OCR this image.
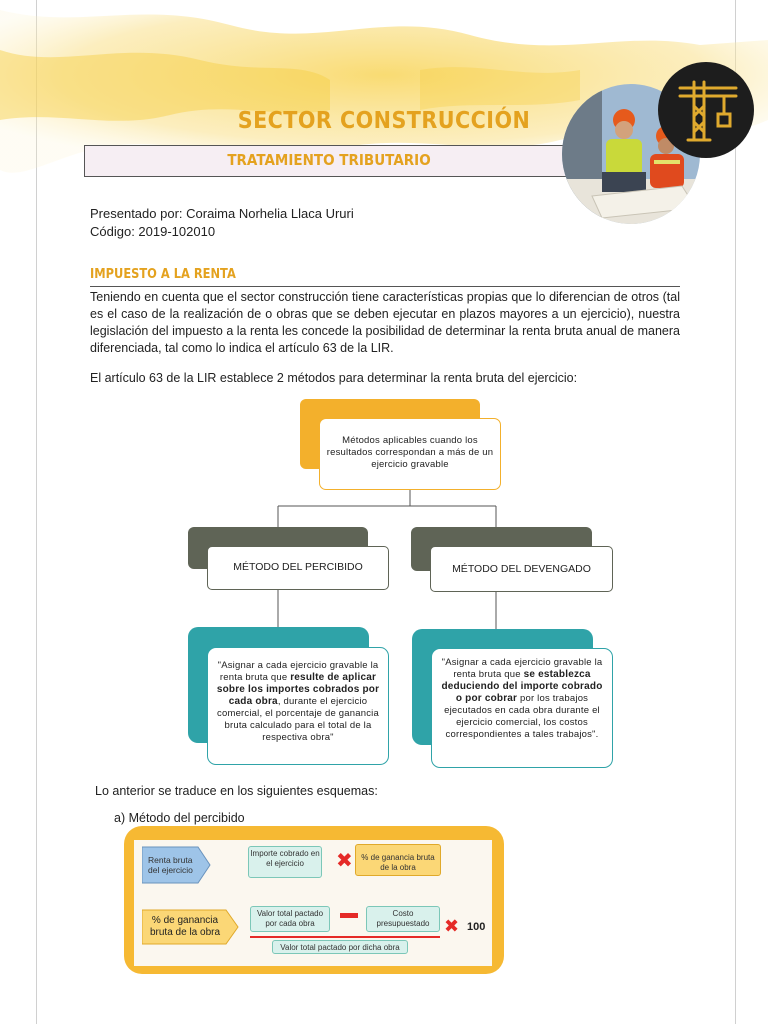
SECTOR CONSTRUCCIÓN
TRATAMIENTO TRIBUTARIO
Presentado por: Coraima Norhelia Llaca Ururi
Código: 2019-102010
IMPUESTO A LA RENTA
Teniendo en cuenta que el sector construcción tiene características propias que lo diferencian de otros (tal es el caso de la realización de o obras que se deben ejecutar en plazos mayores a un ejercicio), nuestra legislación del impuesto a la renta les concede la posibilidad de determinar la renta bruta anual de manera diferenciada, tal como lo indica el artículo 63 de la LIR.
El artículo 63 de la LIR establece 2 métodos para determinar la renta bruta del ejercicio:
Métodos aplicables cuando los resultados correspondan a más de un ejercicio gravable
MÉTODO DEL PERCIBIDO	MÉTODO DEL DEVENGADO
"Asignar a cada ejercicio gravable la renta bruta que resulte de aplicar sobre los importes cobrados por cada obra, durante el ejercicio comercial, el porcentaje de ganancia bruta calculado para el total de la respectiva obra"
"Asignar a cada ejercicio gravable la renta bruta que se establezca deduciendo del importe cobrado o por cobrar por los trabajos ejecutados en cada obra durante el ejercicio comercial, los costos correspondientes a tales trabajos".
Lo anterior se traduce en los siguientes esquemas:
a) Método del percibido
Renta bruta del ejercicio
Importe cobrado en el ejercicio	✖	% de ganancia bruta de la obra
% de ganancia bruta de la obra
Valor total pactado por cada obra
Costo presupuestado
Valor total pactado por dicha obra
✖ 100
